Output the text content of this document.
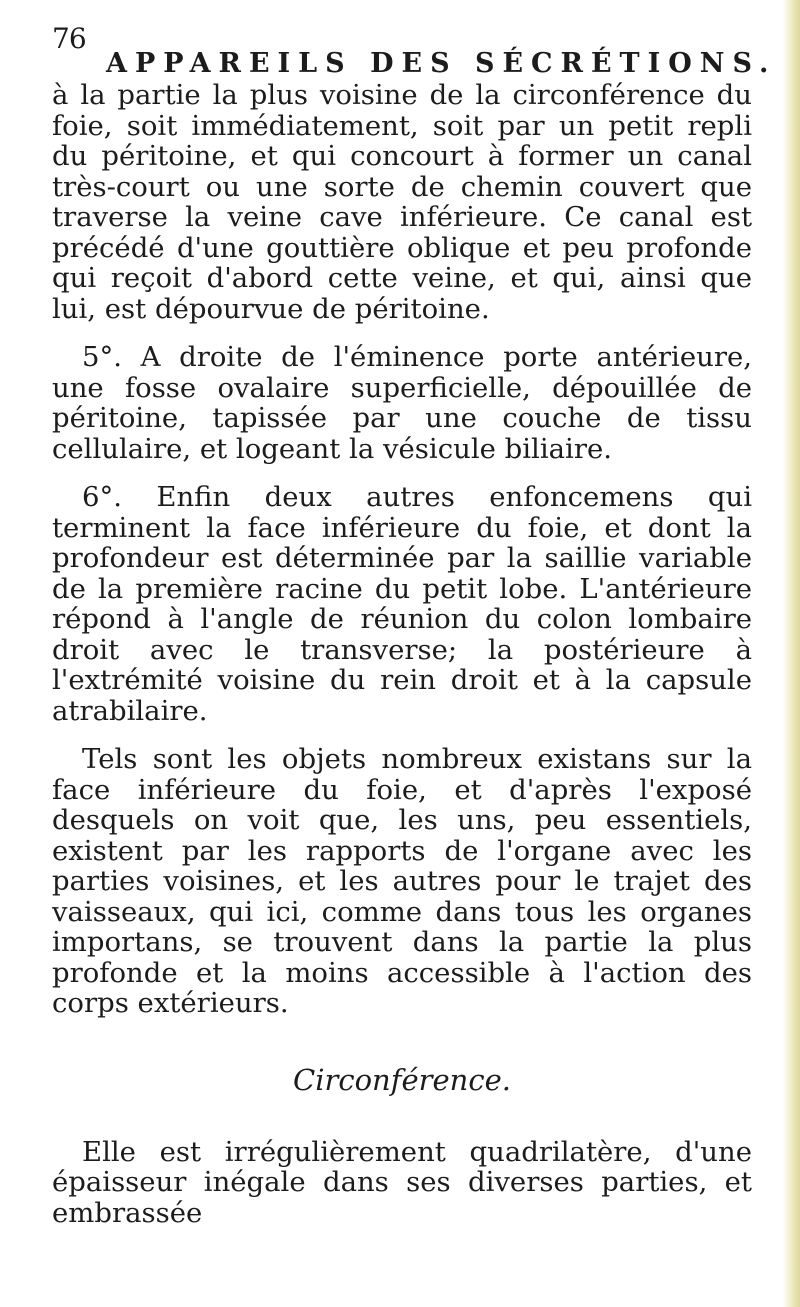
76
APPAREILS DES SÉCRÉTIONS.

à la partie la plus voisine de la circonférence du foie, soit immédiatement, soit par un petit repli du péritoine, et qui concourt à former un canal très-court ou une sorte de chemin couvert que traverse la veine cave inférieure. Ce canal est précédé d'une gouttière oblique et peu profonde qui reçoit d'abord cette veine, et qui, ainsi que lui, est dépourvue de péritoine.

5°. A droite de l'éminence porte antérieure, une fosse ovalaire superficielle, dépouillée de péritoine, tapissée par une couche de tissu cellulaire, et logeant la vésicule biliaire.

6°. Enfin deux autres enfoncemens qui terminent la face inférieure du foie, et dont la profondeur est déterminée par la saillie variable de la première racine du petit lobe. L'antérieure répond à l'angle de réunion du colon lombaire droit avec le transverse; la postérieure à l'extrémité voisine du rein droit et à la capsule atrabilaire.

Tels sont les objets nombreux existans sur la face inférieure du foie, et d'après l'exposé desquels on voit que, les uns, peu essentiels, existent par les rapports de l'organe avec les parties voisines, et les autres pour le trajet des vaisseaux, qui ici, comme dans tous les organes importans, se trouvent dans la partie la plus profonde et la moins accessible à l'action des corps extérieurs.

Circonférence.

Elle est irrégulièrement quadrilatère, d'une épaisseur inégale dans ses diverses parties, et embrassée
